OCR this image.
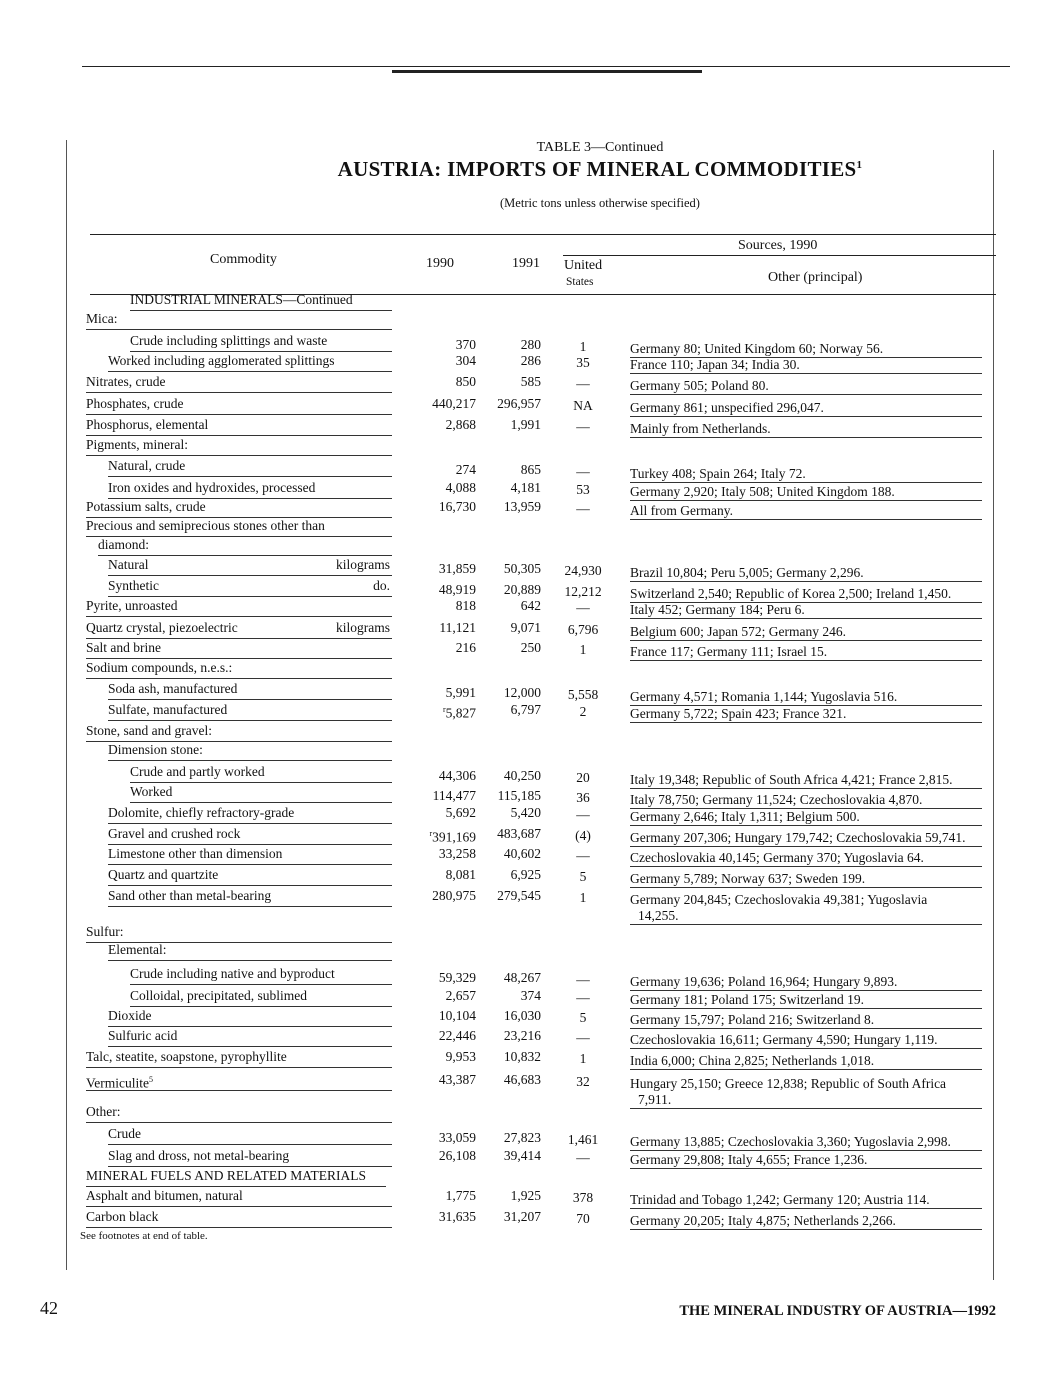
TABLE 3—Continued
AUSTRIA: IMPORTS OF MINERAL COMMODITIES$^1$
(Metric tons unless otherwise specified)
Commodity	1990	1991
Sources, 1990
United
States	Other (principal)
INDUSTRIAL MINERALS—Continued
Mica:
Crude including splittings and waste	370	280	1	Germany 80; United Kingdom 60; Norway 56.
Worked including agglomerated splittings	304	286	35	France 110; Japan 34; India 30.
Nitrates, crude	850	585	—	Germany 505; Poland 80.
Phosphates, crude	440,217 296,957	NA	Germany 861; unspecified 296,047.
Phosphorus, elemental	2,868	1,991	—	Mainly from Netherlands.
Pigments, mineral:
Natural, crude	274	865	—	Turkey 408; Spain 264; Italy 72.
Iron oxides and hydroxides, processed	4,088	4,181	53	Germany 2,920; Italy 508; United Kingdom 188.
Potassium salts, crude	16,730 13,959	—	All from Germany.
Precious and semiprecious stones other than
diamond:
Natural	kilograms	31,859 50,305	24,930	Brazil 10,804; Peru 5,005; Germany 2,296.
Synthetic	do.	48,919 20,889	12,212	Switzerland 2,540; Republic of Korea 2,500; Ireland 1,450.
Pyrite, unroasted	818	642	—	Italy 452; Germany 184; Peru 6.
Quartz crystal, piezoelectric	kilograms	11,121	9,071	6,796	Belgium 600; Japan 572; Germany 246.
Salt and brine	216	250	1	France 117; Germany 111; Israel 15.
Sodium compounds, n.e.s.:
Soda ash, manufactured	5,991 12,000	5,558	Germany 4,571; Romania 1,144; Yugoslavia 516.
Sulfate, manufactured	$^r$5,827	6,797	2	Germany 5,722; Spain 423; France 321.
Stone, sand and gravel:
Dimension stone:
Crude and partly worked	44,306 40,250	20	Italy 19,348; Republic of South Africa 4,421; France 2,815.
Worked	114,477 115,185	36	Italy 78,750; Germany 11,524; Czechoslovakia 4,870.
Dolomite, chiefly refractory-grade	5,692	5,420	—	Germany 2,646; Italy 1,311; Belgium 500.
Gravel and crushed rock	$^r$391,169 483,687	(4)	Germany 207,306; Hungary 179,742; Czechoslovakia 59,741.
Limestone other than dimension	33,258 40,602	—	Czechoslovakia 40,145; Germany 370; Yugoslavia 64.
Quartz and quartzite	8,081	6,925	5	Germany 5,789; Norway 637; Sweden 199.
Sand other than metal-bearing	280,975 279,545	1	Germany 204,845; Czechoslovakia 49,381; Yugoslavia
14,255.
Sulfur:
Elemental:
Crude including native and byproduct	59,329 48,267	—	Germany 19,636; Poland 16,964; Hungary 9,893.
Colloidal, precipitated, sublimed	2,657	374	—	Germany 181; Poland 175; Switzerland 19.
Dioxide	10,104 16,030	5	Germany 15,797; Poland 216; Switzerland 8.
Sulfuric acid	22,446 23,216	—	Czechoslovakia 16,611; Germany 4,590; Hungary 1,119.
Talc, steatite, soapstone, pyrophyllite	9,953 10,832	1	India 6,000; China 2,825; Netherlands 1,018.
Vermiculite$^5$	43,387 46,683	32	Hungary 25,150; Greece 12,838; Republic of South Africa
7,911.
Other:
Crude	33,059 27,823	1,461	Germany 13,885; Czechoslovakia 3,360; Yugoslavia 2,998.
Slag and dross, not metal-bearing	26,108 39,414	—	Germany 29,808; Italy 4,655; France 1,236.
MINERAL FUELS AND RELATED MATERIALS
Asphalt and bitumen, natural	1,775	1,925	378	Trinidad and Tobago 1,242; Germany 120; Austria 114.
Carbon black	31,635 31,207	70	Germany 20,205; Italy 4,875; Netherlands 2,266.
See footnotes at end of table.
42	THE MINERAL INDUSTRY OF AUSTRIA—1992
